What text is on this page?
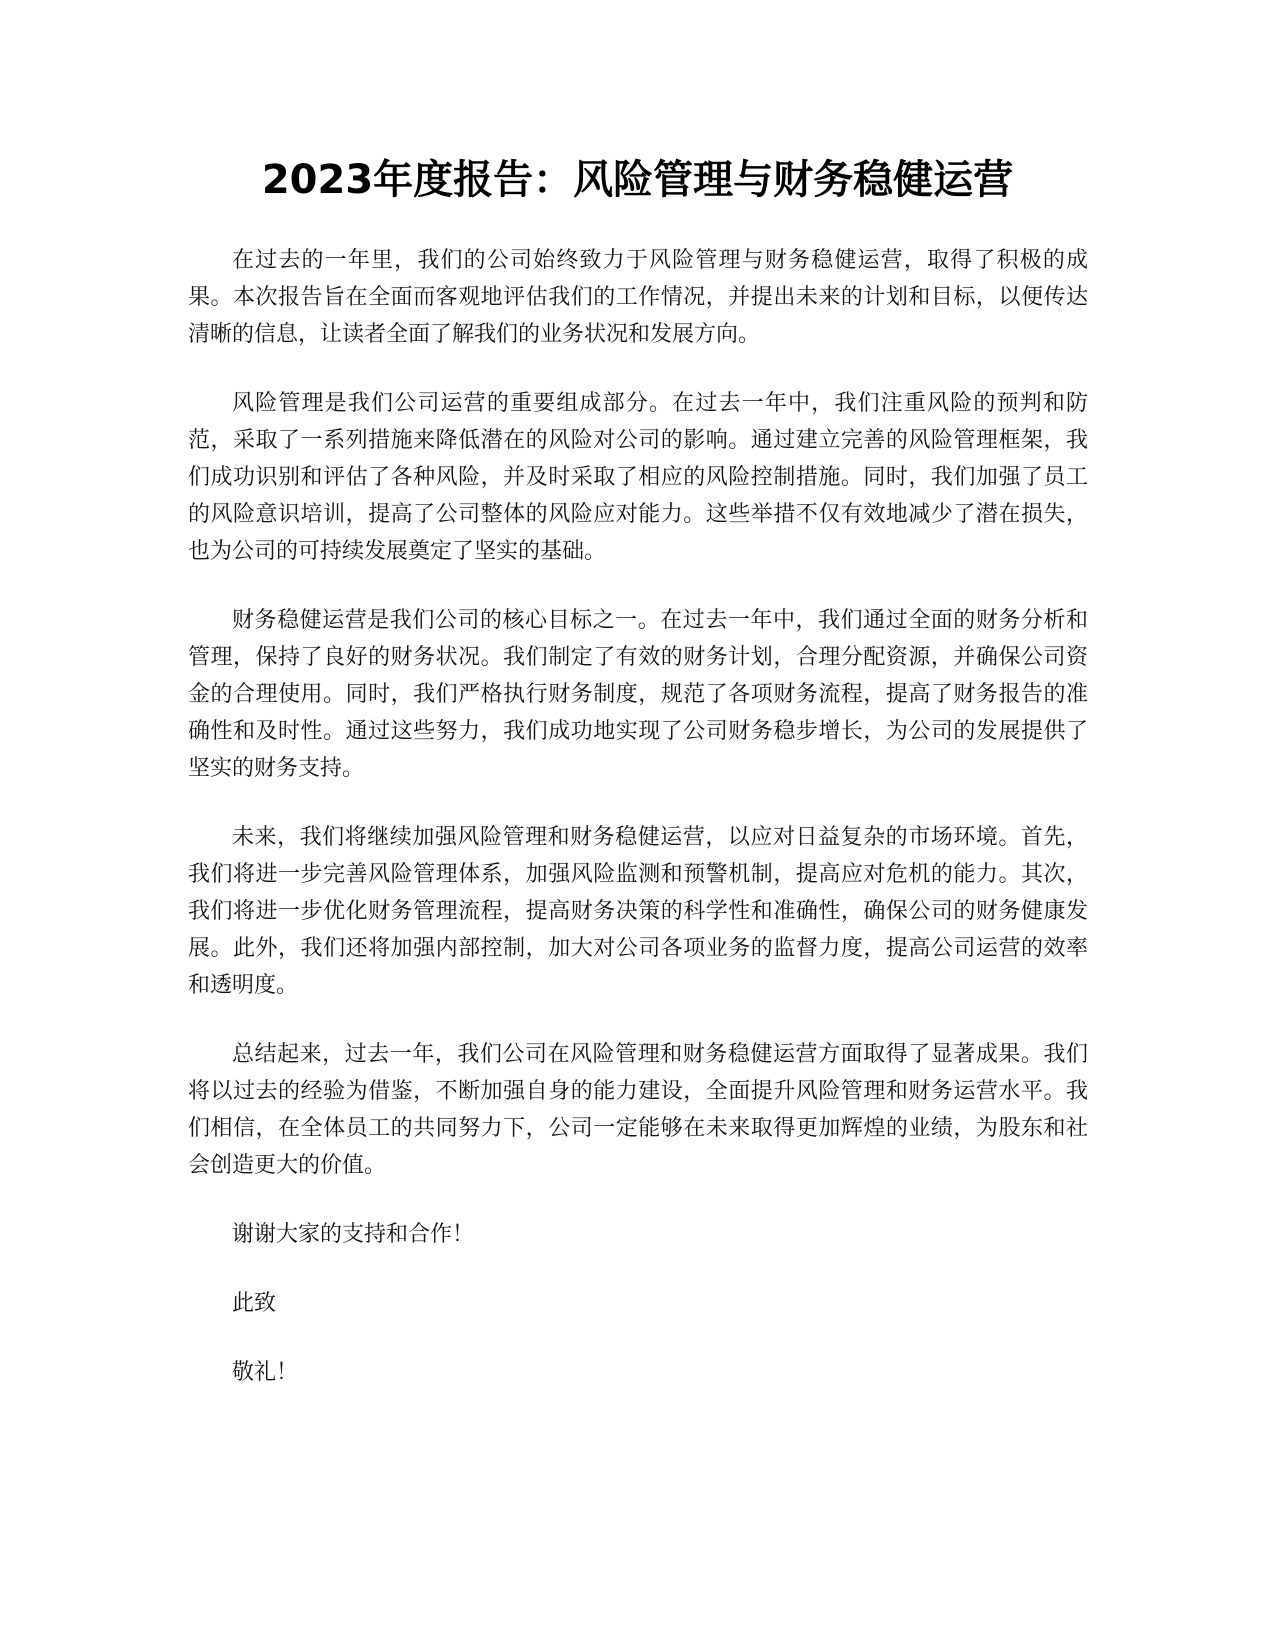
2023年度报告：风险管理与财务稳健运营

在过去的一年里，我们的公司始终致力于风险管理与财务稳健运营，取得了积极的成果。本次报告旨在全面而客观地评估我们的工作情况，并提出未来的计划和目标，以便传达清晰的信息，让读者全面了解我们的业务状况和发展方向。

风险管理是我们公司运营的重要组成部分。在过去一年中，我们注重风险的预判和防范，采取了一系列措施来降低潜在的风险对公司的影响。通过建立完善的风险管理框架，我们成功识别和评估了各种风险，并及时采取了相应的风险控制措施。同时，我们加强了员工的风险意识培训，提高了公司整体的风险应对能力。这些举措不仅有效地减少了潜在损失，也为公司的可持续发展奠定了坚实的基础。

财务稳健运营是我们公司的核心目标之一。在过去一年中，我们通过全面的财务分析和管理，保持了良好的财务状况。我们制定了有效的财务计划，合理分配资源，并确保公司资金的合理使用。同时，我们严格执行财务制度，规范了各项财务流程，提高了财务报告的准确性和及时性。通过这些努力，我们成功地实现了公司财务稳步增长，为公司的发展提供了坚实的财务支持。

未来，我们将继续加强风险管理和财务稳健运营，以应对日益复杂的市场环境。首先，我们将进一步完善风险管理体系，加强风险监测和预警机制，提高应对危机的能力。其次，我们将进一步优化财务管理流程，提高财务决策的科学性和准确性，确保公司的财务健康发展。此外，我们还将加强内部控制，加大对公司各项业务的监督力度，提高公司运营的效率和透明度。

总结起来，过去一年，我们公司在风险管理和财务稳健运营方面取得了显著成果。我们将以过去的经验为借鉴，不断加强自身的能力建设，全面提升风险管理和财务运营水平。我们相信，在全体员工的共同努力下，公司一定能够在未来取得更加辉煌的业绩，为股东和社会创造更大的价值。

谢谢大家的支持和合作！

此致

敬礼！
